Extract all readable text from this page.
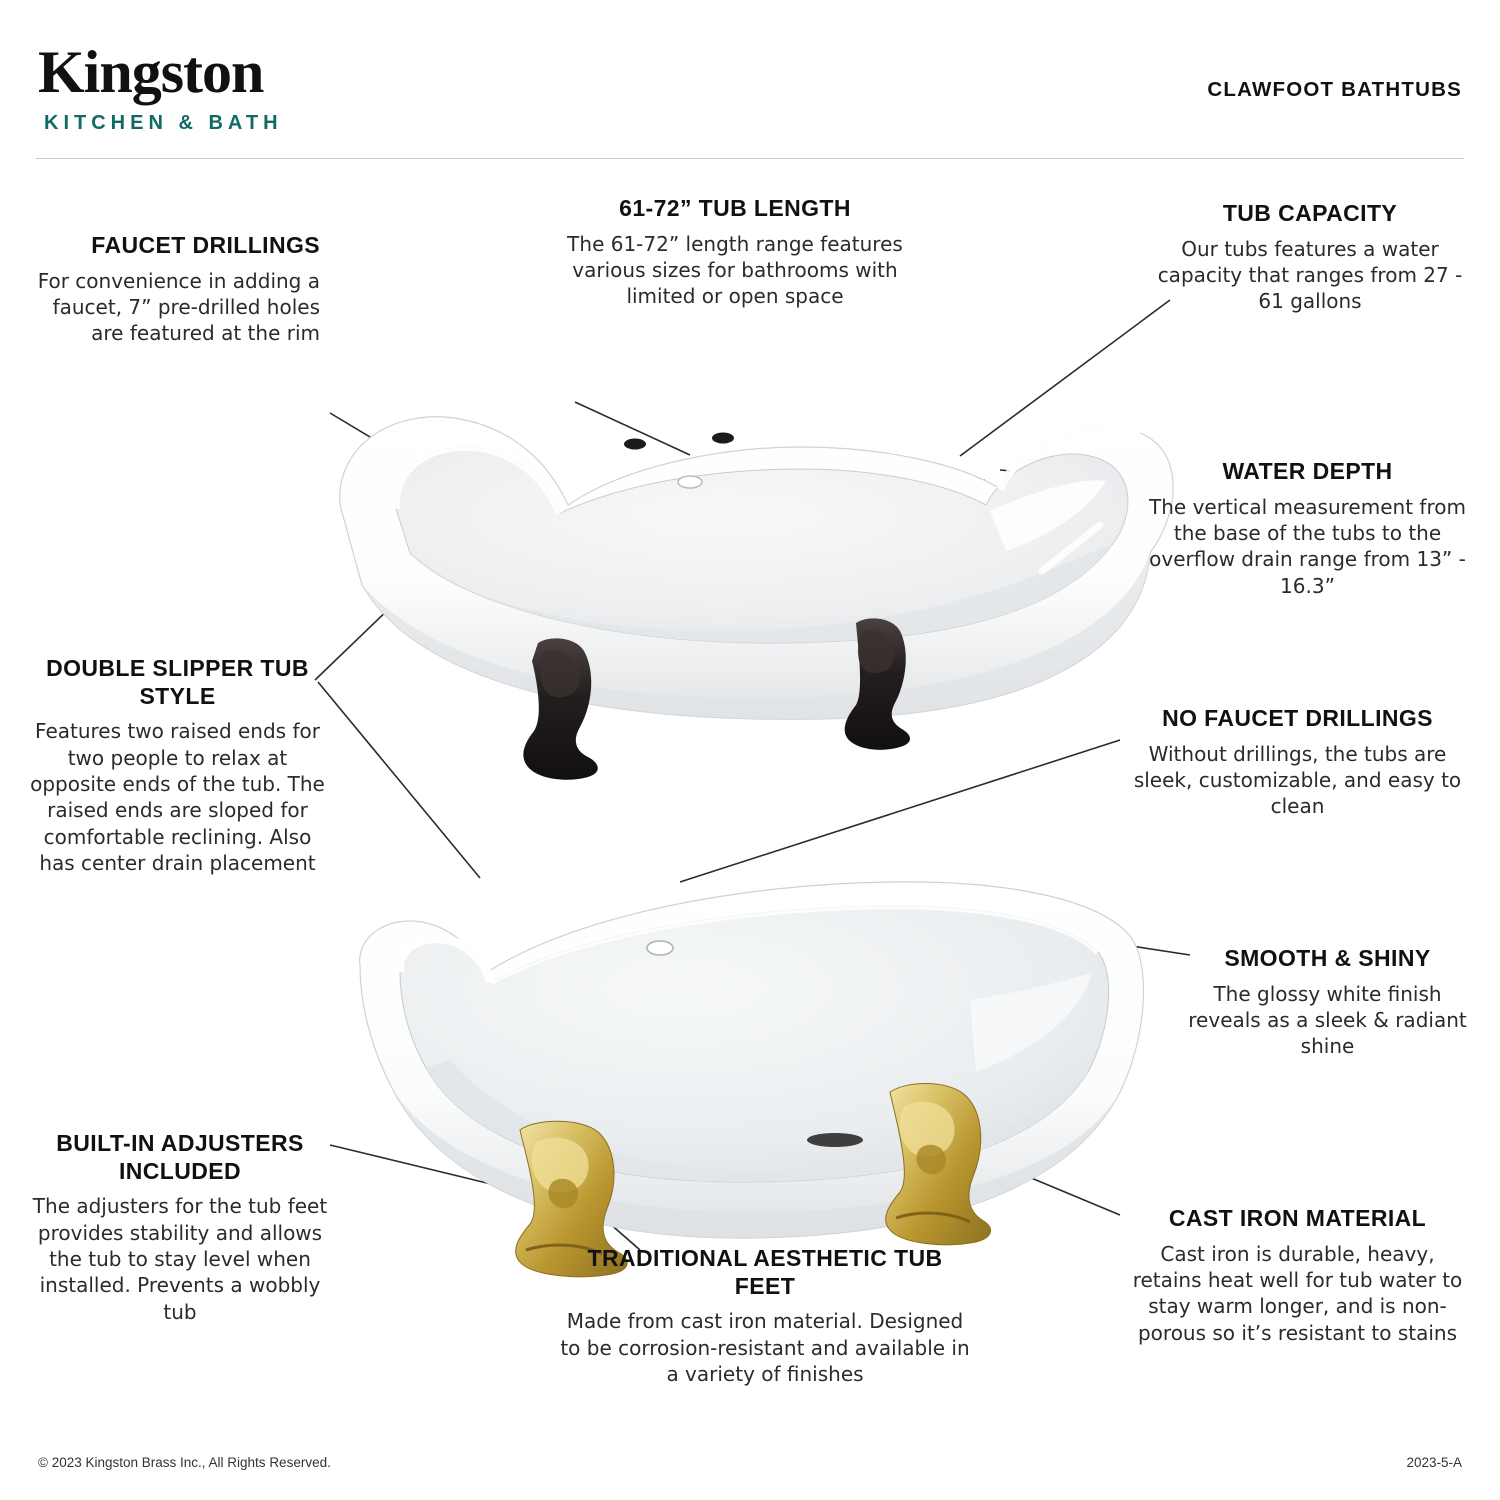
Kingston
KITCHEN & BATH
CLAWFOOT BATHTUBS
FAUCET DRILLINGS

For convenience in adding a faucet, 7” pre-drilled holes are featured at the rim

61-72” TUB LENGTH

The 61-72” length range features various sizes for bathrooms with limited or open space

TUB CAPACITY

Our tubs features a water capacity that ranges from 27 - 61 gallons

WATER DEPTH

The vertical measurement from the base of the tubs to the overflow drain range from 13” - 16.3”

DOUBLE SLIPPER TUB STYLE

Features two raised ends for two people to relax at opposite ends of the tub. The raised ends are sloped for comfortable reclining. Also has center drain placement

NO FAUCET DRILLINGS

Without drillings, the tubs are sleek, customizable, and easy to clean

SMOOTH & SHINY

The glossy white finish reveals as a sleek & radiant shine

BUILT-IN ADJUSTERS INCLUDED

The adjusters for the tub feet provides stability and allows the tub to stay level when installed. Prevents a wobbly tub

TRADITIONAL AESTHETIC TUB FEET

Made from cast iron material. Designed to be corrosion-resistant and available in a variety of finishes

CAST IRON MATERIAL

Cast iron is durable, heavy, retains heat well for tub water to stay warm longer, and is non-porous so it’s resistant to stains

© 2023 Kingston Brass Inc., All Rights Reserved.	2023-5-A
